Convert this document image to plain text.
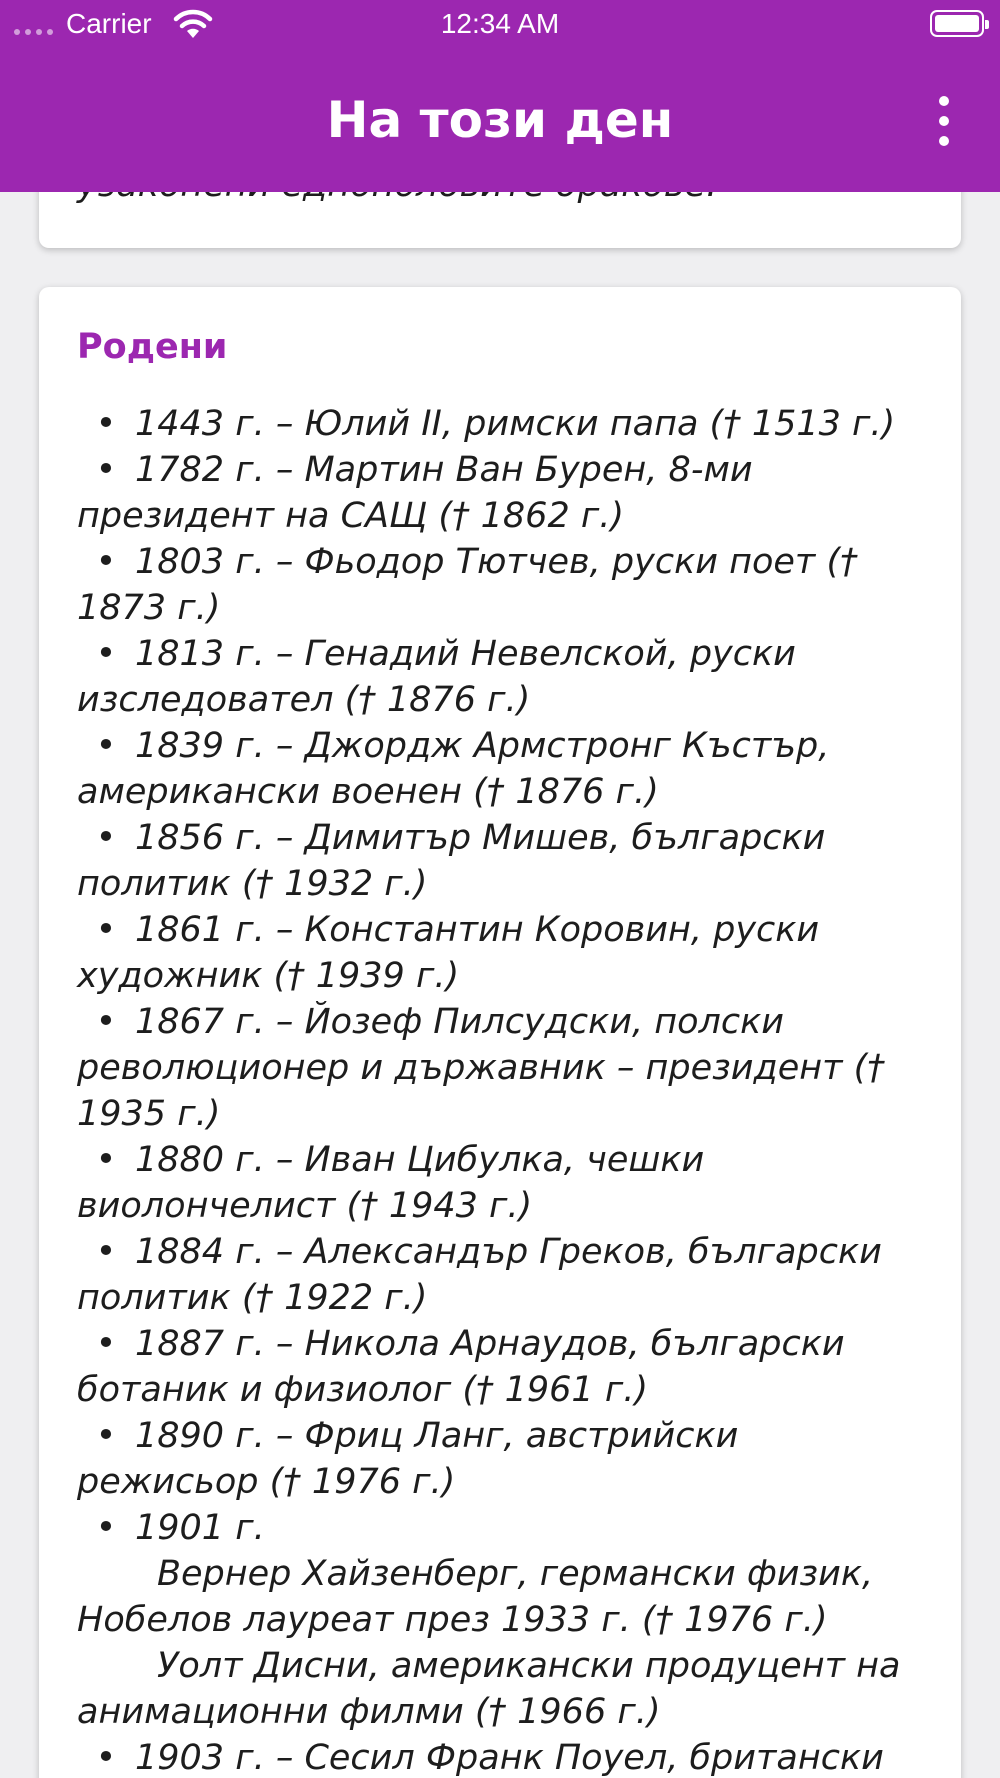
Carrier	12:34 AM
На този ден
Родени
• 1443 г. – Юлий II, римски папа († 1513 г.)
• 1782 г. – Мартин Ван Бурен, 8-ми президент на САЩ († 1862 г.)
• 1803 г. – Фьодор Тютчев, руски поет († 1873 г.)
• 1813 г. – Генадий Невелской, руски изследовател († 1876 г.)
• 1839 г. – Джордж Армстронг Къстър, американски военен († 1876 г.)
• 1856 г. – Димитър Мишев, български политик († 1932 г.)
• 1861 г. – Константин Коровин, руски художник († 1939 г.)
• 1867 г. – Йозеф Пилсудски, полски революционер и държавник – президент († 1935 г.)
• 1880 г. – Иван Цибулка, чешки виолончелист († 1943 г.)
• 1884 г. – Александър Греков, български политик († 1922 г.)
• 1887 г. – Никола Арнаудов, български ботаник и физиолог († 1961 г.)
• 1890 г. – Фриц Ланг, австрийски режисьор († 1976 г.)
• 1901 г.
Вернер Хайзенберг, германски физик, Нобелов лауреат през 1933 г. († 1976 г.)
Уолт Дисни, американски продуцент на анимационни филми († 1966 г.)
• 1903 г. – Сесил Франк Поуел, британски
